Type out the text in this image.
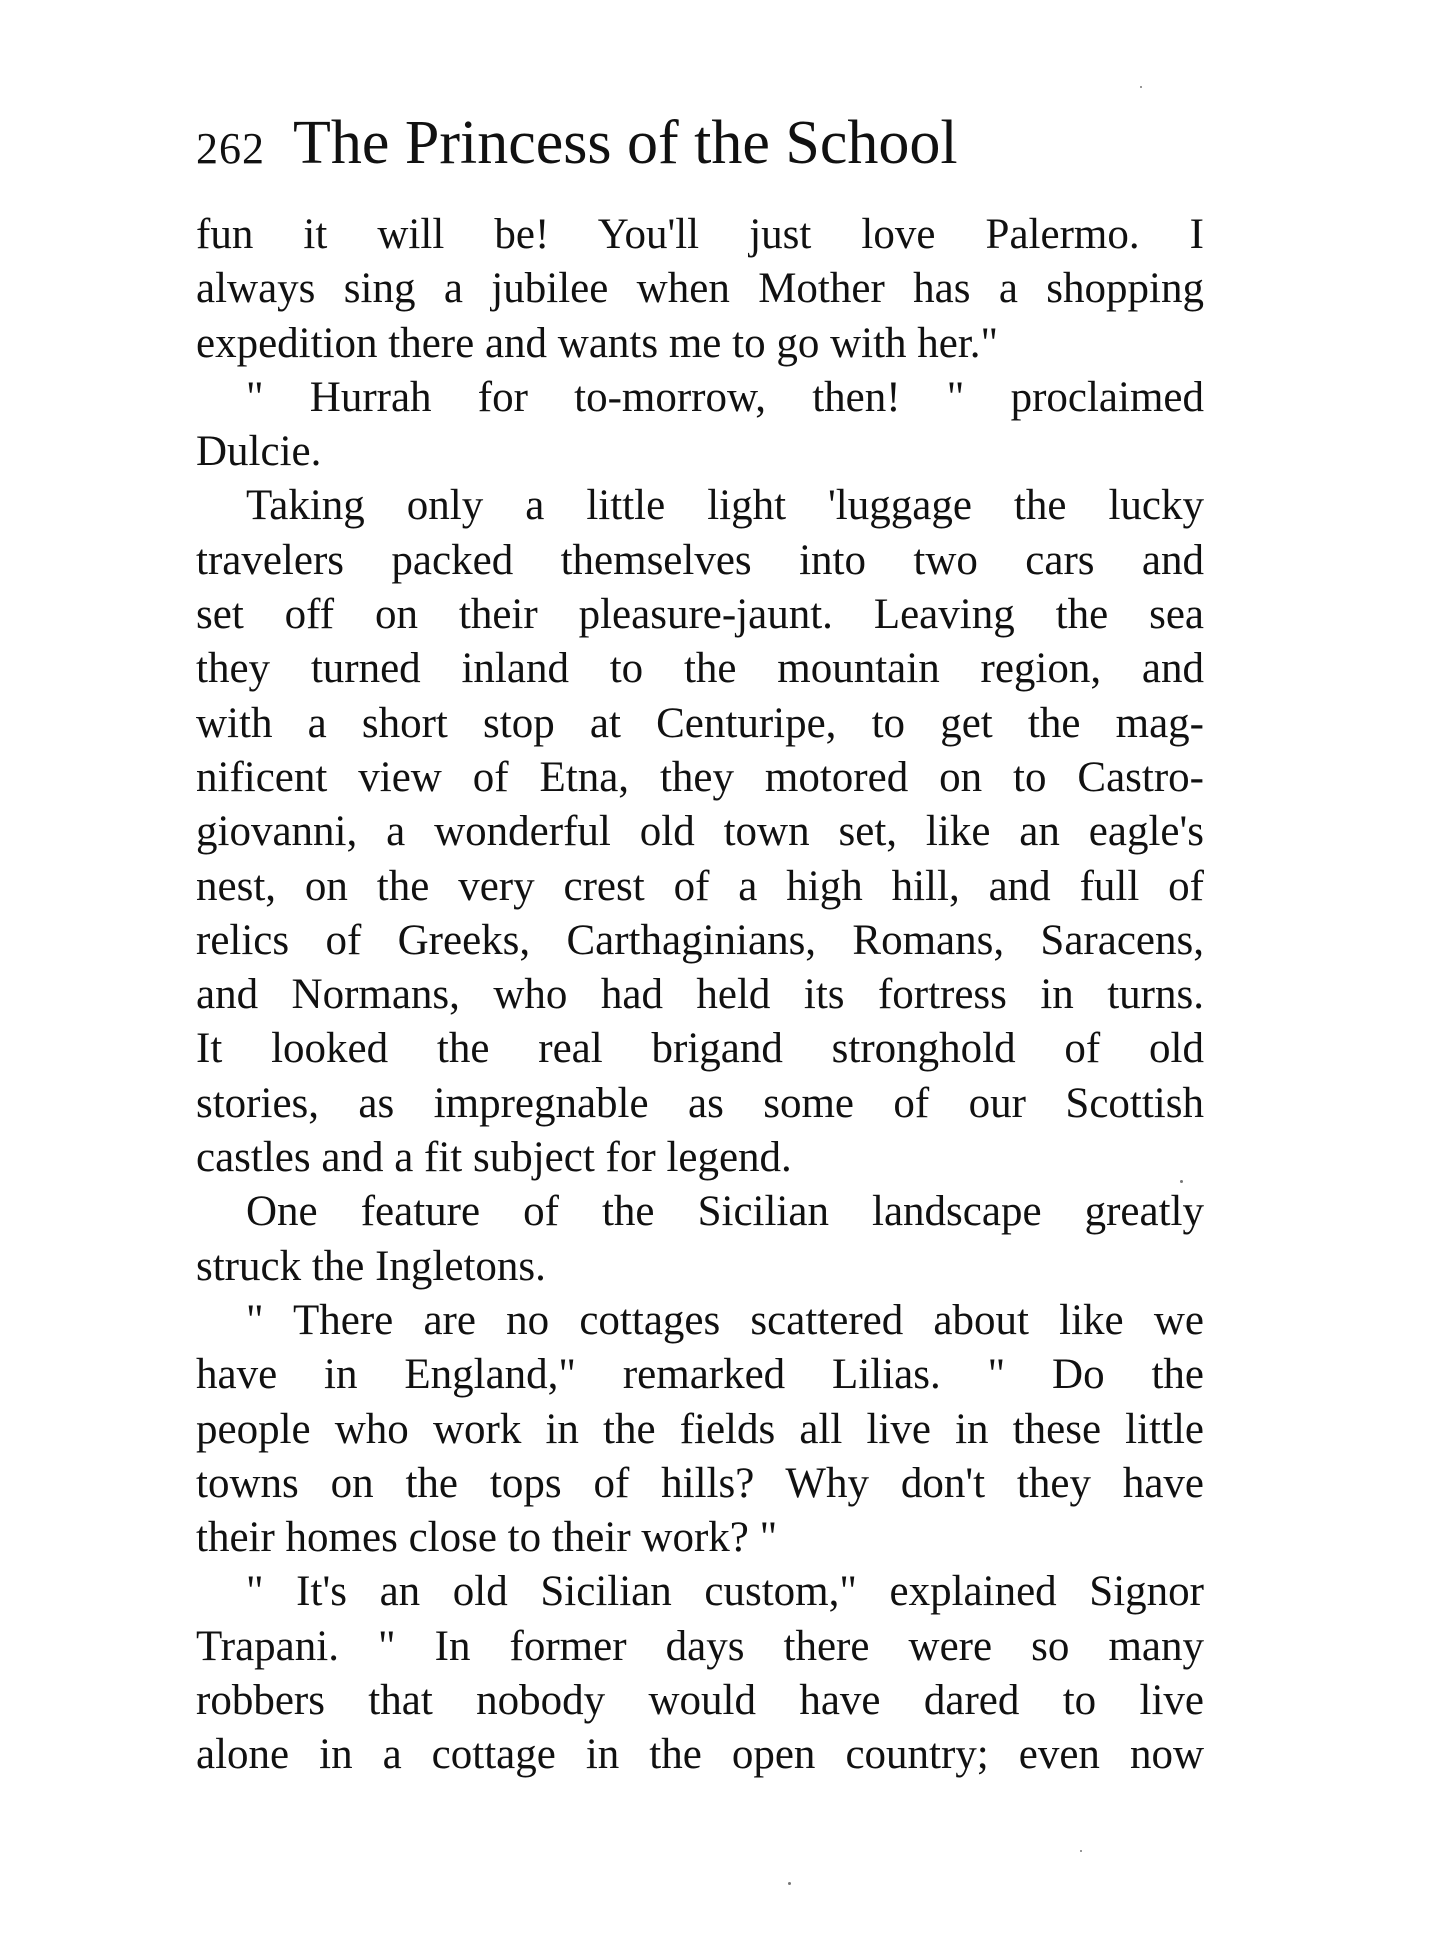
262 The Princess of the School
fun it will be! You'll just love Palermo. I
always sing a jubilee when Mother has a shopping
expedition there and wants me to go with her."
" Hurrah for to-morrow, then! " proclaimed
Dulcie.
Taking only a little light 'luggage the lucky
travelers packed themselves into two cars and
set off on their pleasure-jaunt. Leaving the sea
they turned inland to the mountain region, and
with a short stop at Centuripe, to get the mag-
nificent view of Etna, they motored on to Castro-
giovanni, a wonderful old town set, like an eagle's
nest, on the very crest of a high hill, and full of
relics of Greeks, Carthaginians, Romans, Saracens,
and Normans, who had held its fortress in turns.
It looked the real brigand stronghold of old
stories, as impregnable as some of our Scottish
castles and a fit subject for legend.
One feature of the Sicilian landscape greatly
struck the Ingletons.
" There are no cottages scattered about like we
have in England," remarked Lilias. " Do the
people who work in the fields all live in these little
towns on the tops of hills? Why don't they have
their homes close to their work? "
" It's an old Sicilian custom," explained Signor
Trapani. " In former days there were so many
robbers that nobody would have dared to live
alone in a cottage in the open country; even now
